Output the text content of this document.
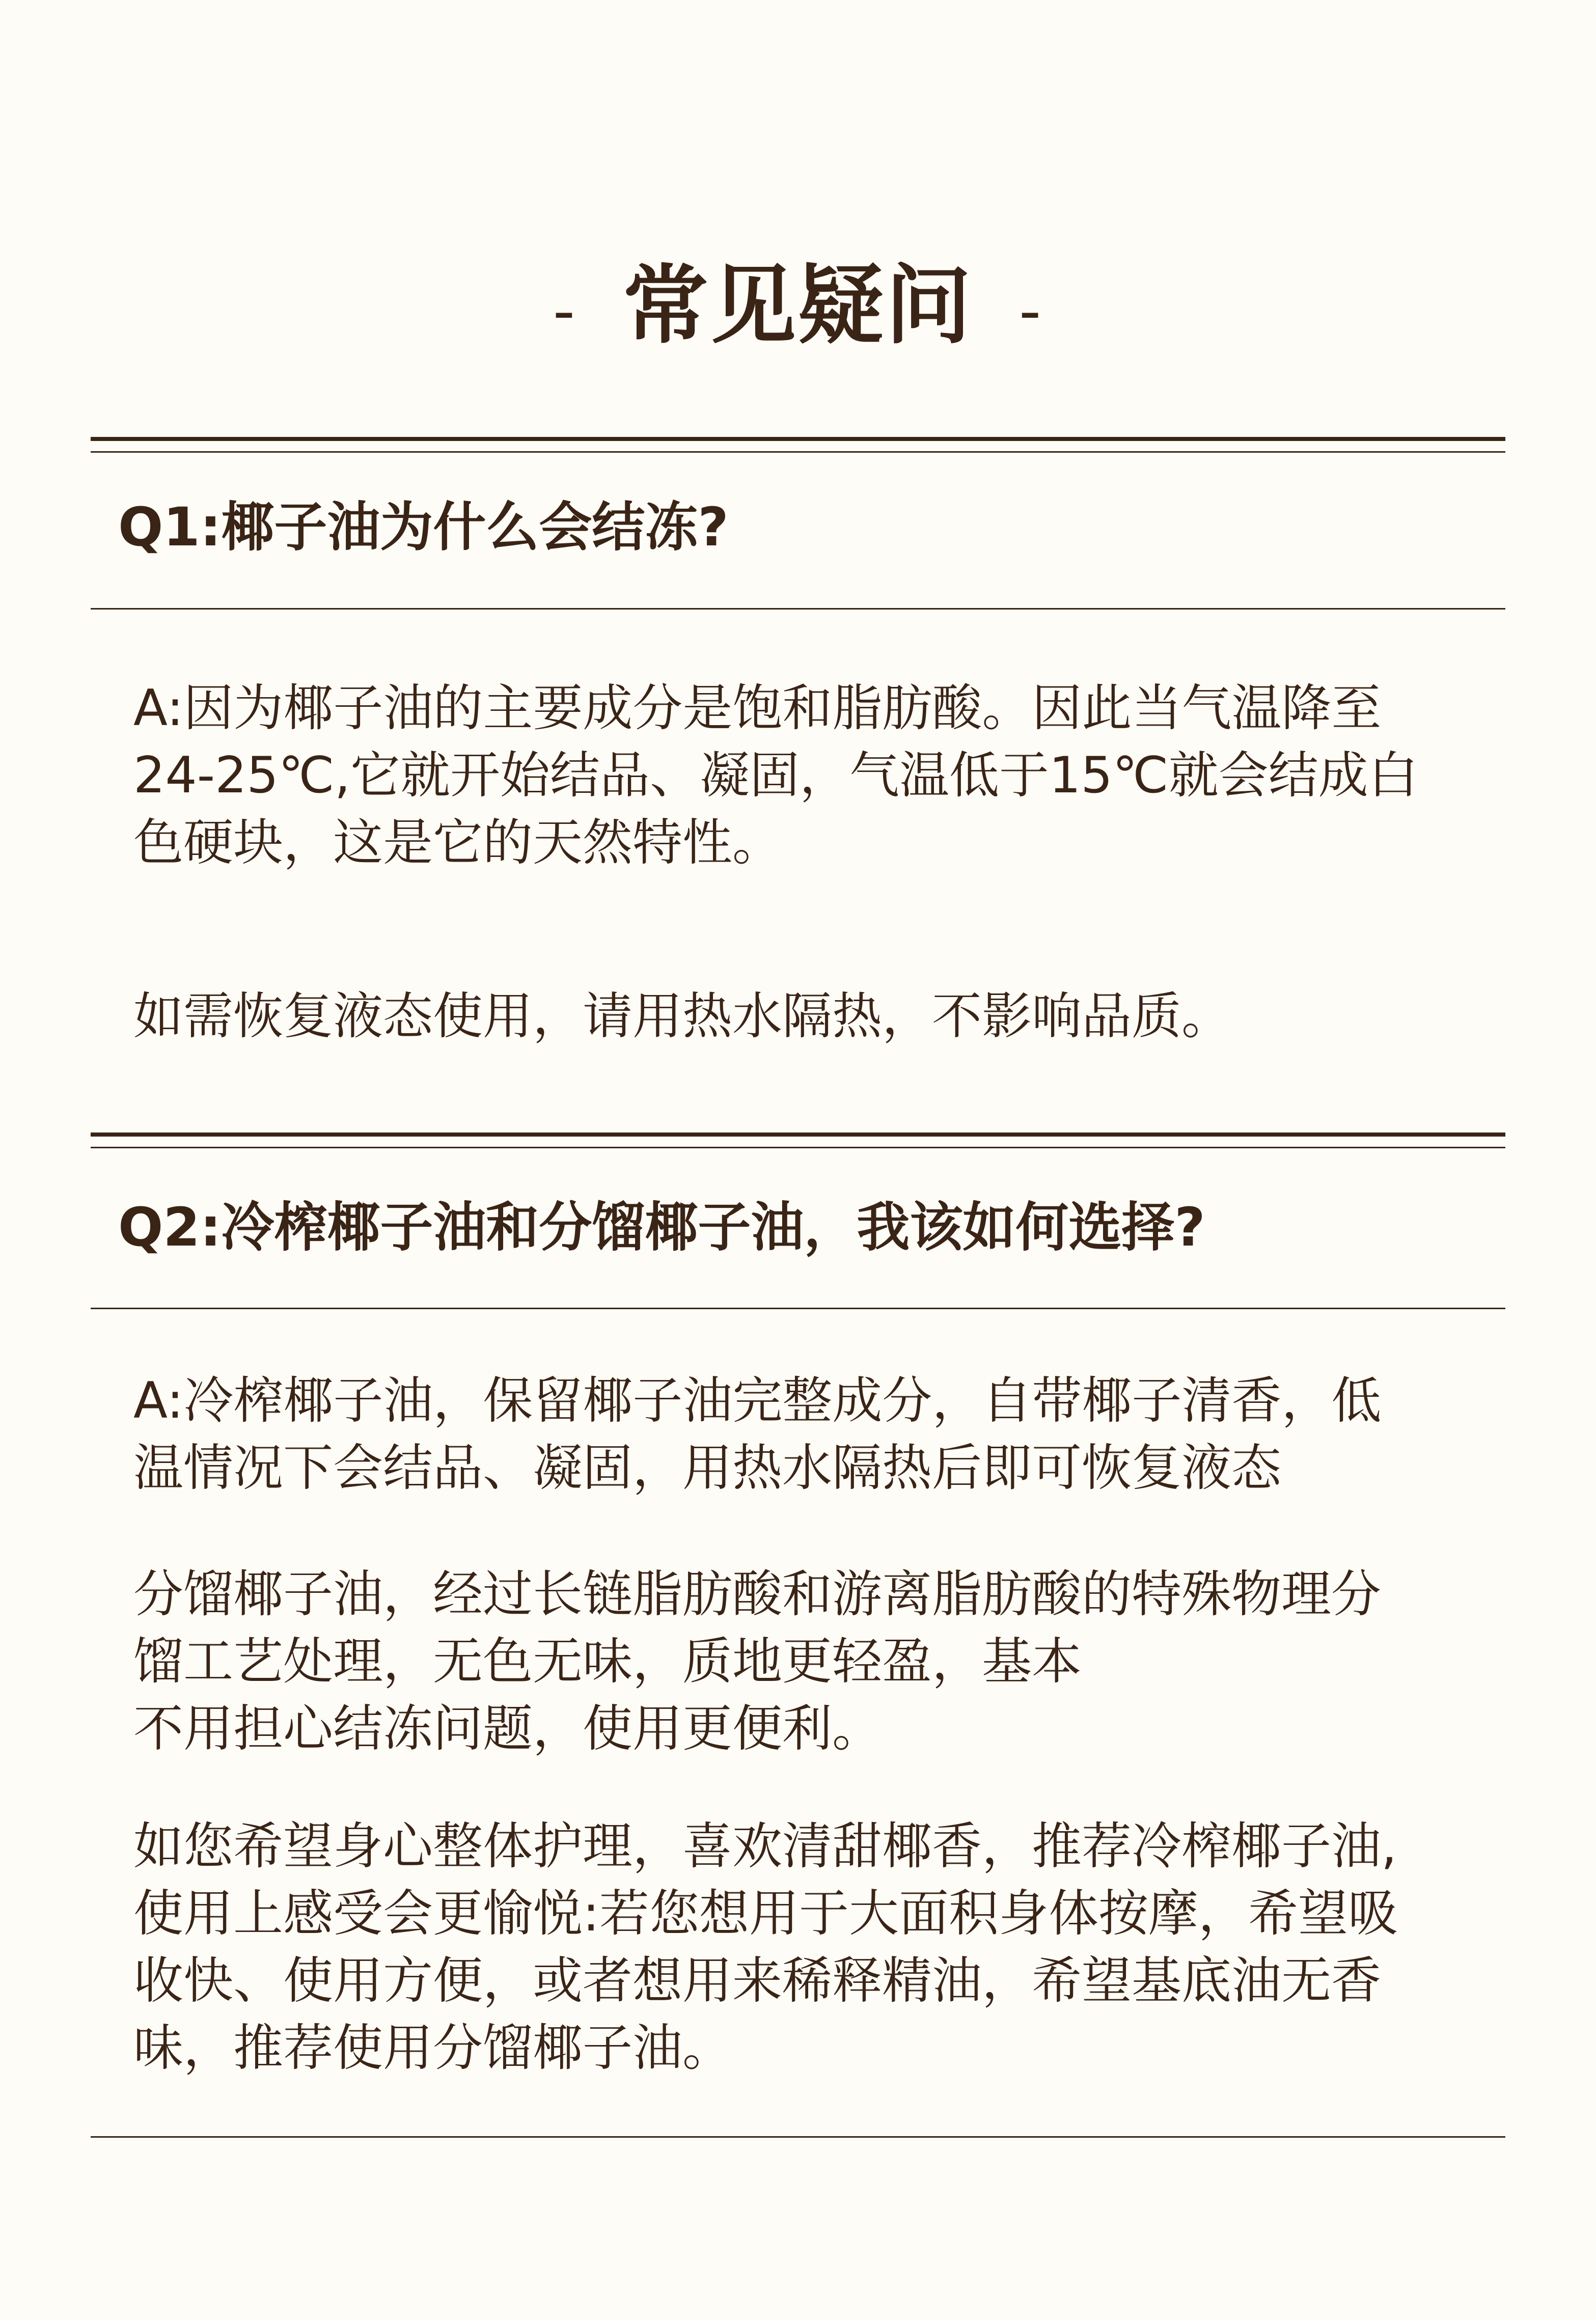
- 常见疑问 -
Q1:椰子油为什么会结冻?
A:因为椰子油的主要成分是饱和脂肪酸。因此当气温降至
24-25℃,它就开始结品、凝固，气温低于15℃就会结成白
色硬块，这是它的天然特性。
如需恢复液态使用，请用热水隔热，不影响品质。
Q2:冷榨椰子油和分馏椰子油，我该如何选择?
A:冷榨椰子油，保留椰子油完整成分，自带椰子清香，低
温情况下会结品、凝固，用热水隔热后即可恢复液态
分馏椰子油，经过长链脂肪酸和游离脂肪酸的特殊物理分
馏工艺处理，无色无味，质地更轻盈，基本
不用担心结冻问题，使用更便利。
如您希望身心整体护理，喜欢清甜椰香，推荐冷榨椰子油,
使用上感受会更愉悦:若您想用于大面积身体按摩，希望吸
收快、使用方便，或者想用来稀释精油，希望基底油无香
味，推荐使用分馏椰子油。
